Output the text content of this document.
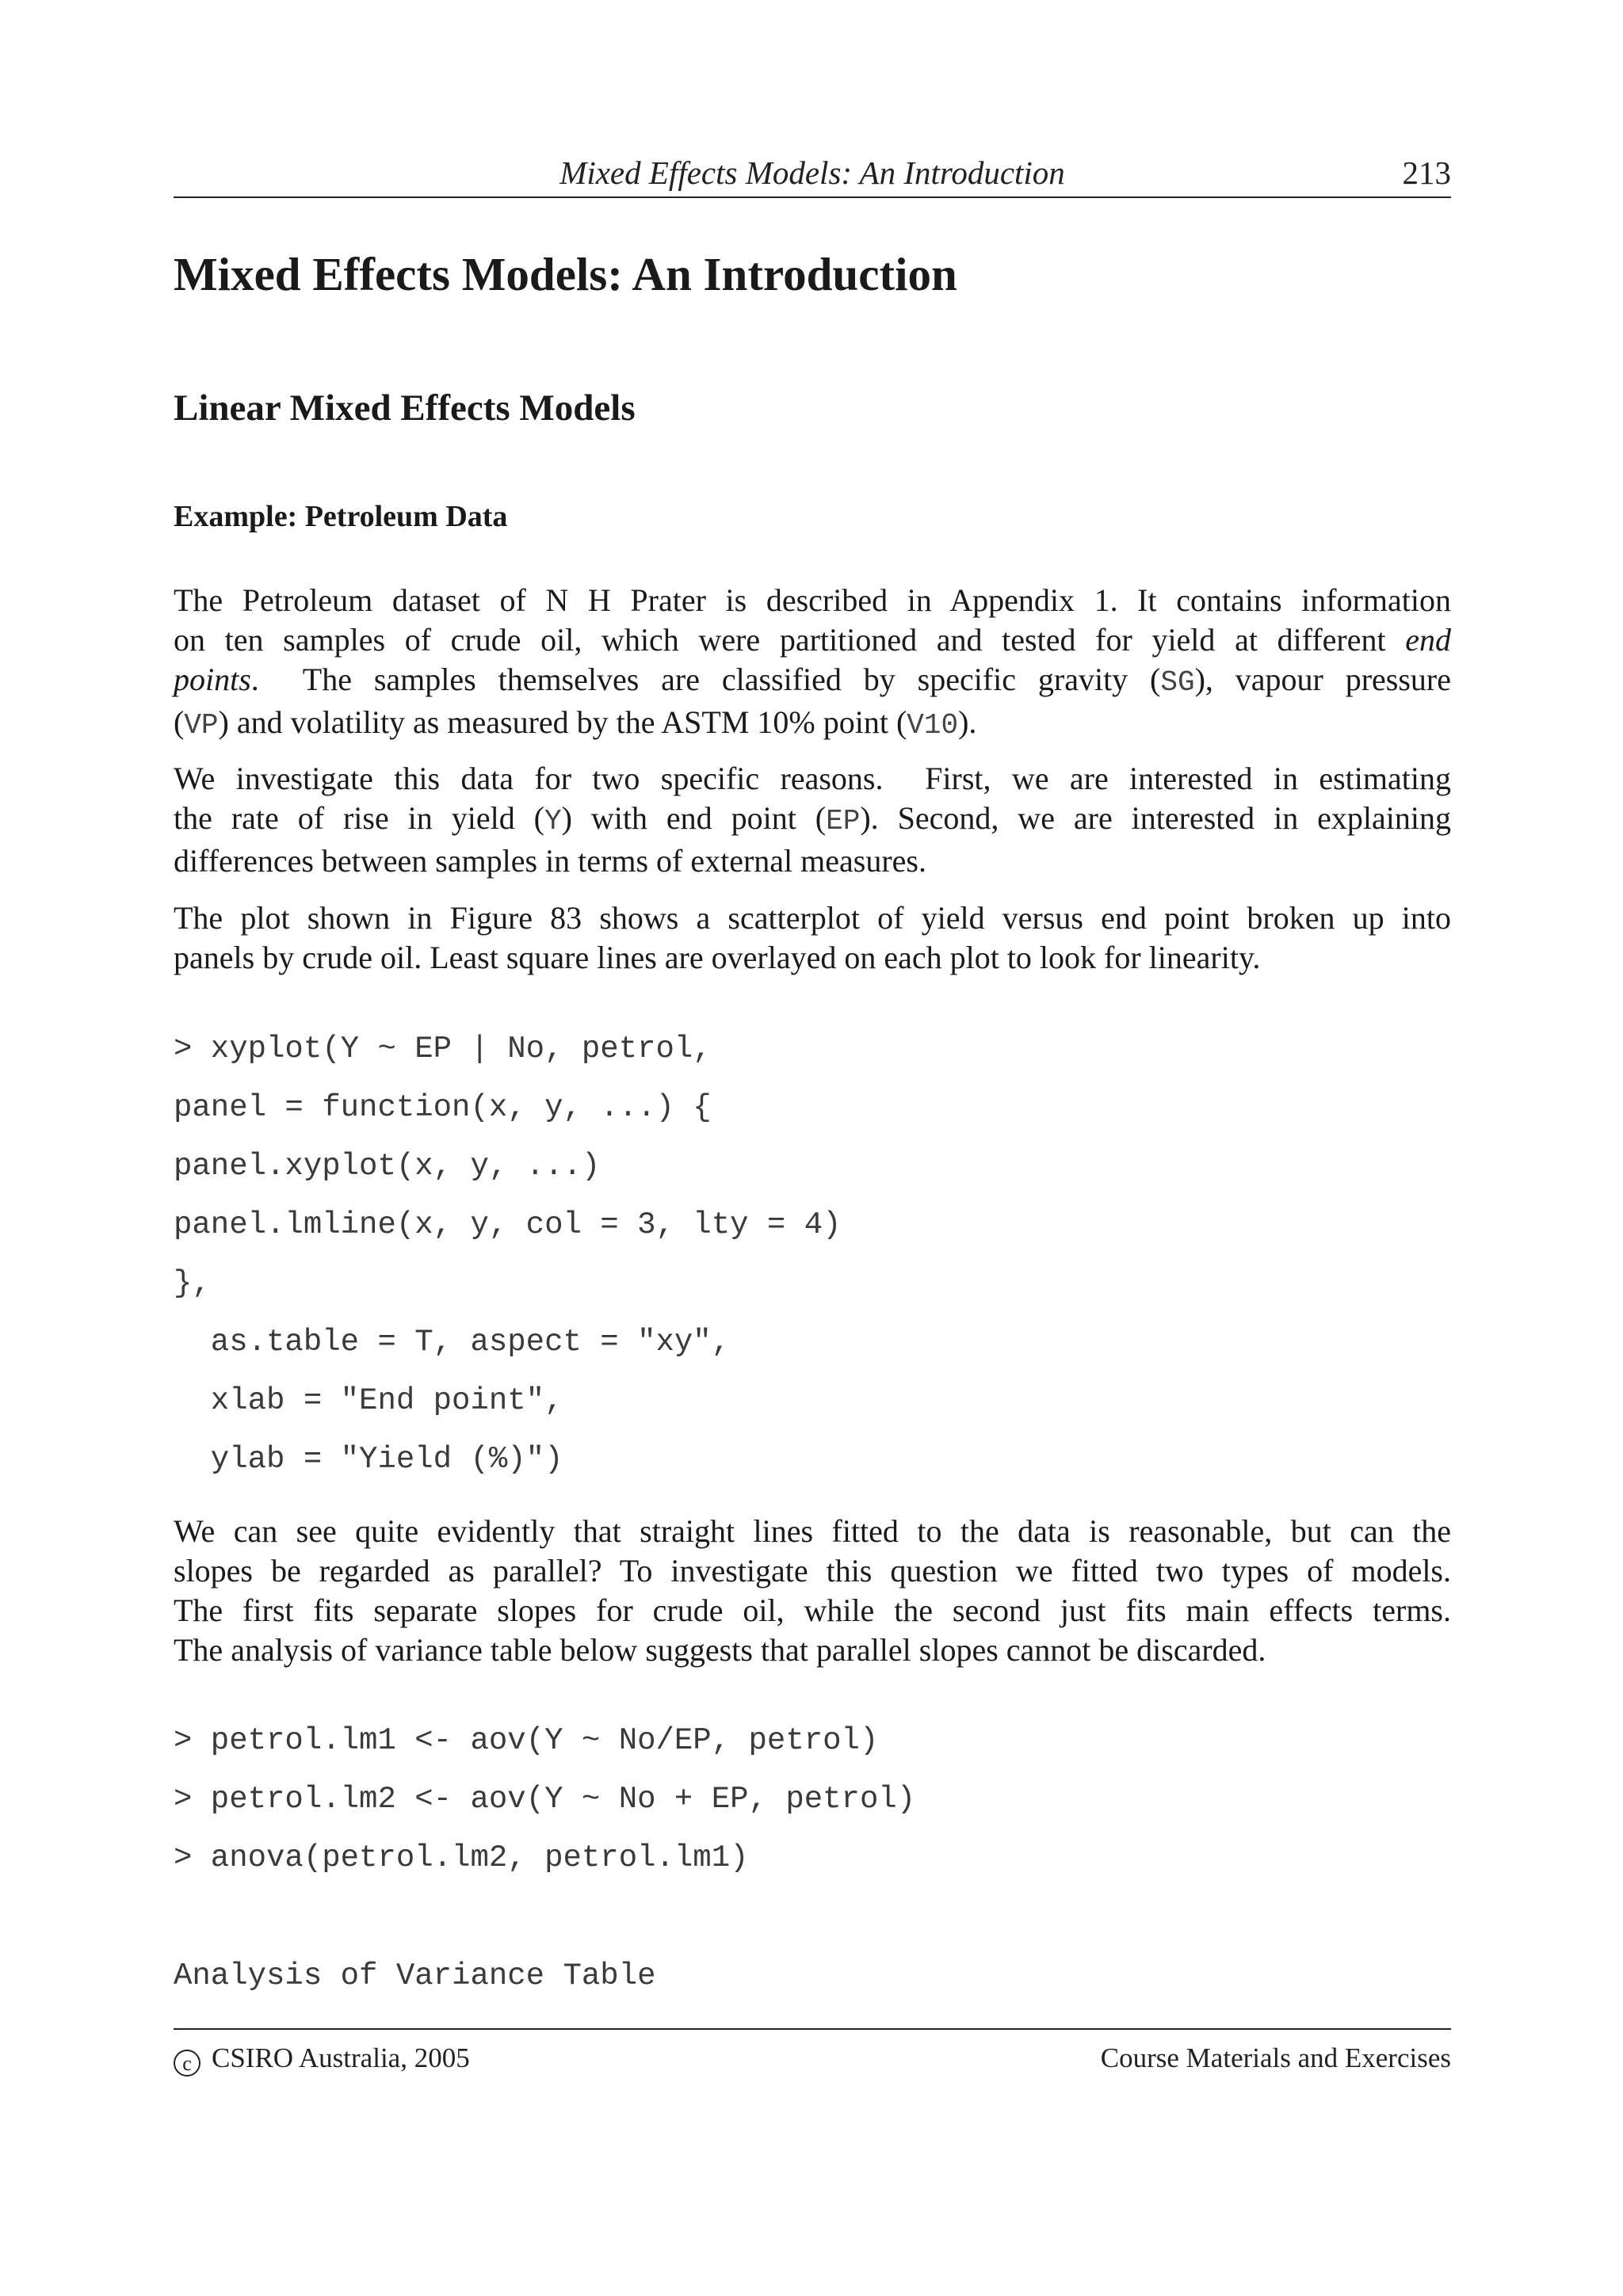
Mixed Effects Models: An Introduction	213
Mixed Effects Models: An Introduction
Linear Mixed Effects Models
Example: Petroleum Data
The Petroleum dataset of N H Prater is described in Appendix 1. It contains information
on ten samples of crude oil, which were partitioned and tested for yield at different end
points.  The samples themselves are classified by specific gravity (SG), vapour pressure
(VP) and volatility as measured by the ASTM 10% point (V10).
We investigate this data for two specific reasons.  First, we are interested in estimating
the rate of rise in yield (Y) with end point (EP). Second, we are interested in explaining
differences between samples in terms of external measures.
The plot shown in Figure 83 shows a scatterplot of yield versus end point broken up into
panels by crude oil. Least square lines are overlayed on each plot to look for linearity.
> xyplot(Y ~ EP | No, petrol,
panel = function(x, y, ...) {
panel.xyplot(x, y, ...)
panel.lmline(x, y, col = 3, lty = 4)
},
as.table = T, aspect = "xy",
xlab = "End point",
ylab = "Yield (%)")
We can see quite evidently that straight lines fitted to the data is reasonable, but can the
slopes be regarded as parallel? To investigate this question we fitted two types of models.
The first fits separate slopes for crude oil, while the second just fits main effects terms.
The analysis of variance table below suggests that parallel slopes cannot be discarded.
> petrol.lm1 <- aov(Y ~ No/EP, petrol)
> petrol.lm2 <- aov(Y ~ No + EP, petrol)
> anova(petrol.lm2, petrol.lm1)
Analysis of Variance Table
c CSIRO Australia, 2005	Course Materials and Exercises
